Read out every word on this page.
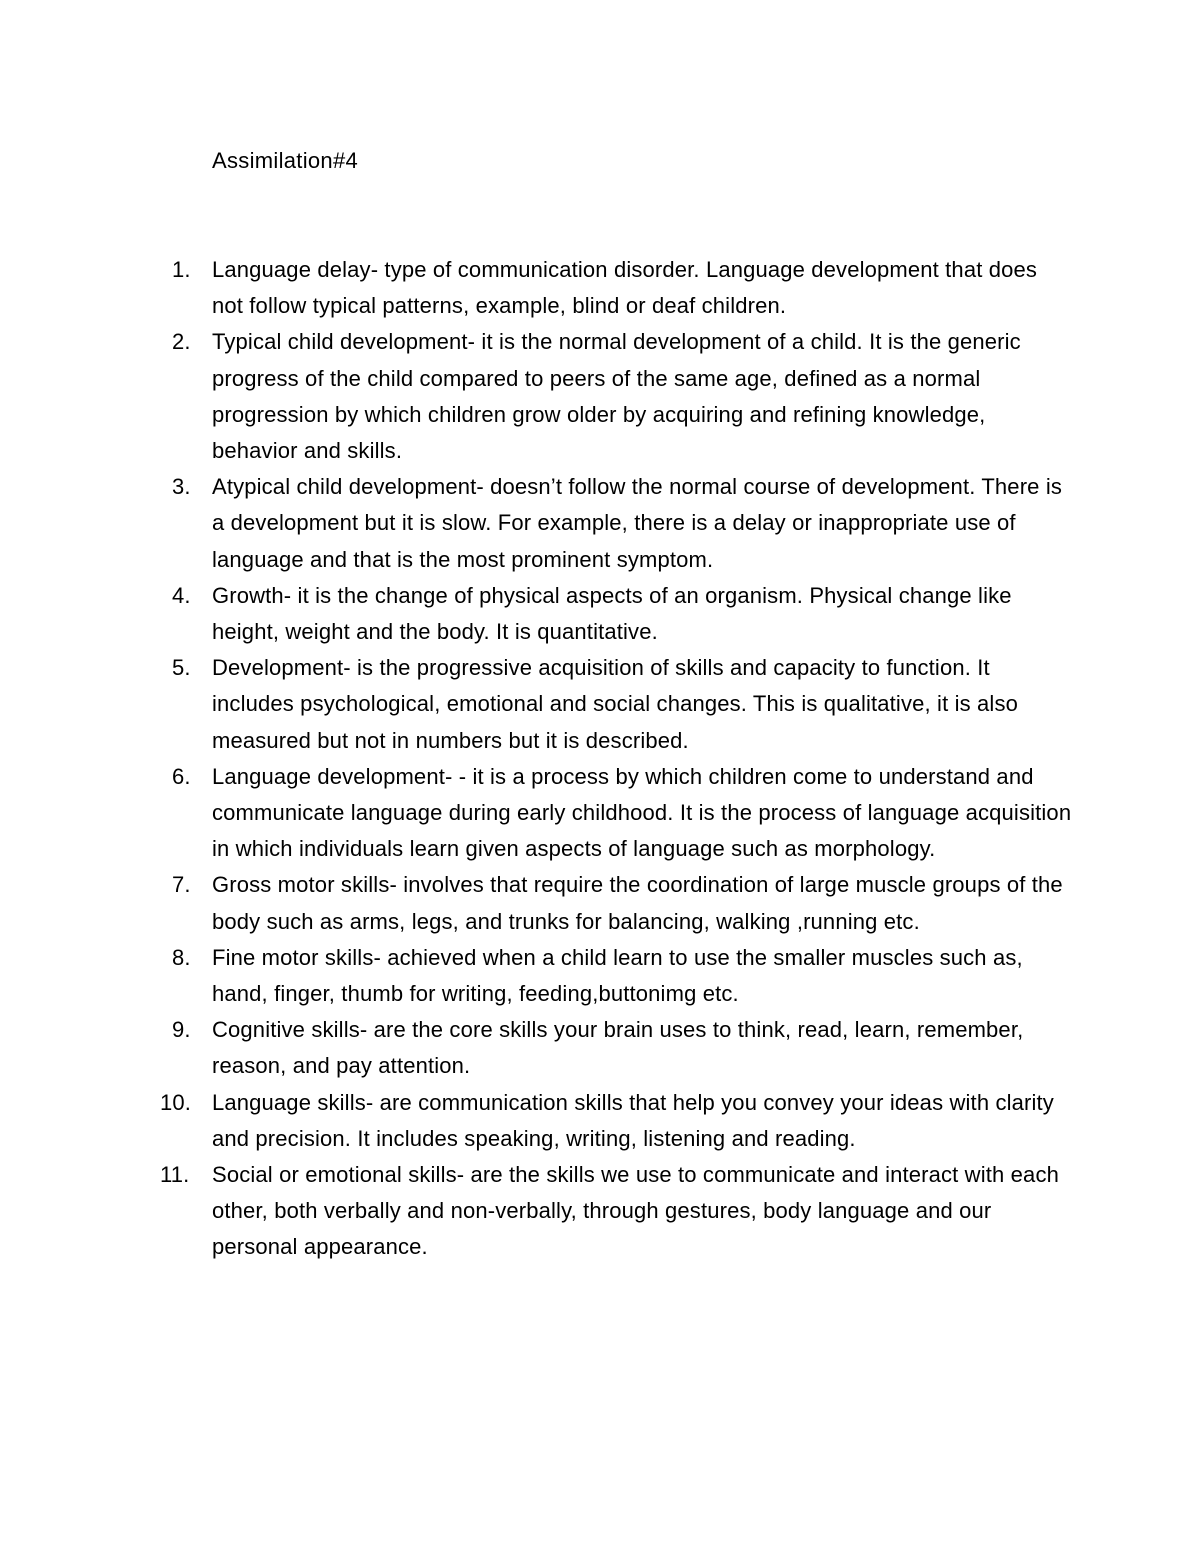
Assimilation#4
1. Language delay- type of communication disorder. Language development that does not follow typical patterns, example, blind or deaf children.
2. Typical child development- it is the normal development of a child. It is the generic progress of the child compared to peers of the same age, defined as a normal progression by which children grow older by acquiring and refining knowledge, behavior and skills.
3. Atypical child development- doesn’t follow the normal course of development. There is a development but it is slow. For example, there is a delay or inappropriate use of language and that is the most prominent symptom.
4. Growth- it is the change of physical aspects of an organism. Physical change like height, weight and the body. It is quantitative.
5. Development- is the progressive acquisition of skills and capacity to function. It includes psychological, emotional and social changes. This is qualitative, it is also measured but not in numbers but it is described.
6. Language development- - it is a process by which children come to understand and communicate language during early childhood. It is the process of language acquisition in which individuals learn given aspects of language such as morphology.
7. Gross motor skills- involves that require the coordination of large muscle groups of the body such as arms, legs, and trunks for balancing, walking ,running etc.
8. Fine motor skills- achieved when a child learn to use the smaller muscles such as, hand, finger, thumb for writing, feeding,buttonimg etc.
9. Cognitive skills- are the core skills your brain uses to think, read, learn, remember, reason, and pay attention.
10. Language skills- are communication skills that help you convey your ideas with clarity and precision. It includes speaking, writing, listening and reading.
11. Social or emotional skills- are the skills we use to communicate and interact with each other, both verbally and non-verbally, through gestures, body language and our personal appearance.
